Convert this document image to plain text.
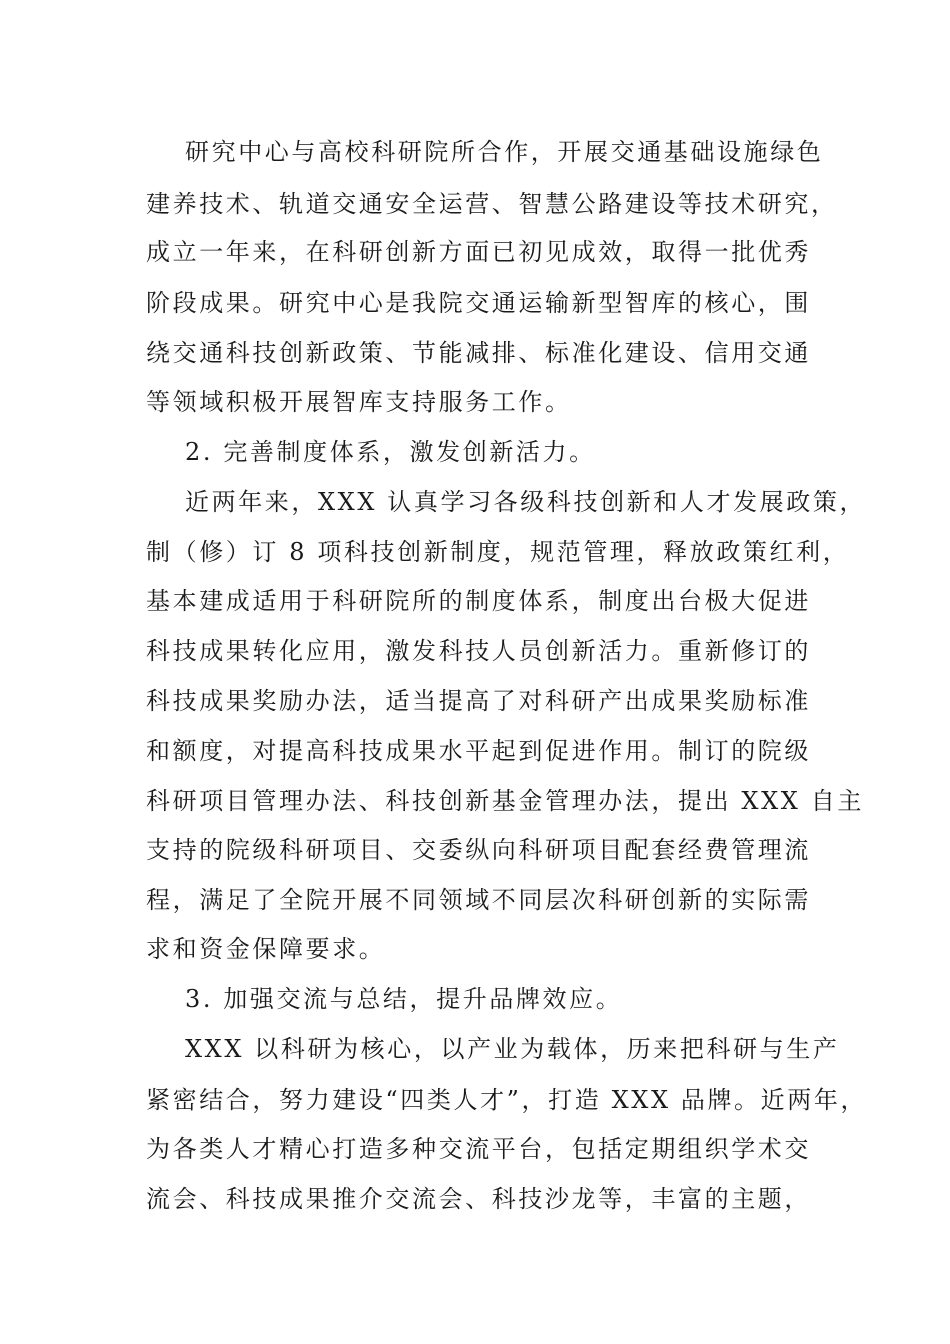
研究中心与高校科研院所合作，开展交通基础设施绿色

建养技术、轨道交通安全运营、智慧公路建设等技术研究，

成立一年来，在科研创新方面已初见成效，取得一批优秀

阶段成果。研究中心是我院交通运输新型智库的核心，围

绕交通科技创新政策、节能减排、标准化建设、信用交通

等领域积极开展智库支持服务工作。

2. 完善制度体系，激发创新活力。

近两年来，XXX 认真学习各级科技创新和人才发展政策，

制（修）订 8 项科技创新制度，规范管理，释放政策红利，

基本建成适用于科研院所的制度体系，制度出台极大促进

科技成果转化应用，激发科技人员创新活力。重新修订的

科技成果奖励办法，适当提高了对科研产出成果奖励标准

和额度，对提高科技成果水平起到促进作用。制订的院级

科研项目管理办法、科技创新基金管理办法，提出 XXX 自主

支持的院级科研项目、交委纵向科研项目配套经费管理流

程，满足了全院开展不同领域不同层次科研创新的实际需

求和资金保障要求。

3. 加强交流与总结，提升品牌效应。

XXX 以科研为核心，以产业为载体，历来把科研与生产

紧密结合，努力建设“四类人才”，打造 XXX 品牌。近两年，

为各类人才精心打造多种交流平台，包括定期组织学术交

流会、科技成果推介交流会、科技沙龙等，丰富的主题，
